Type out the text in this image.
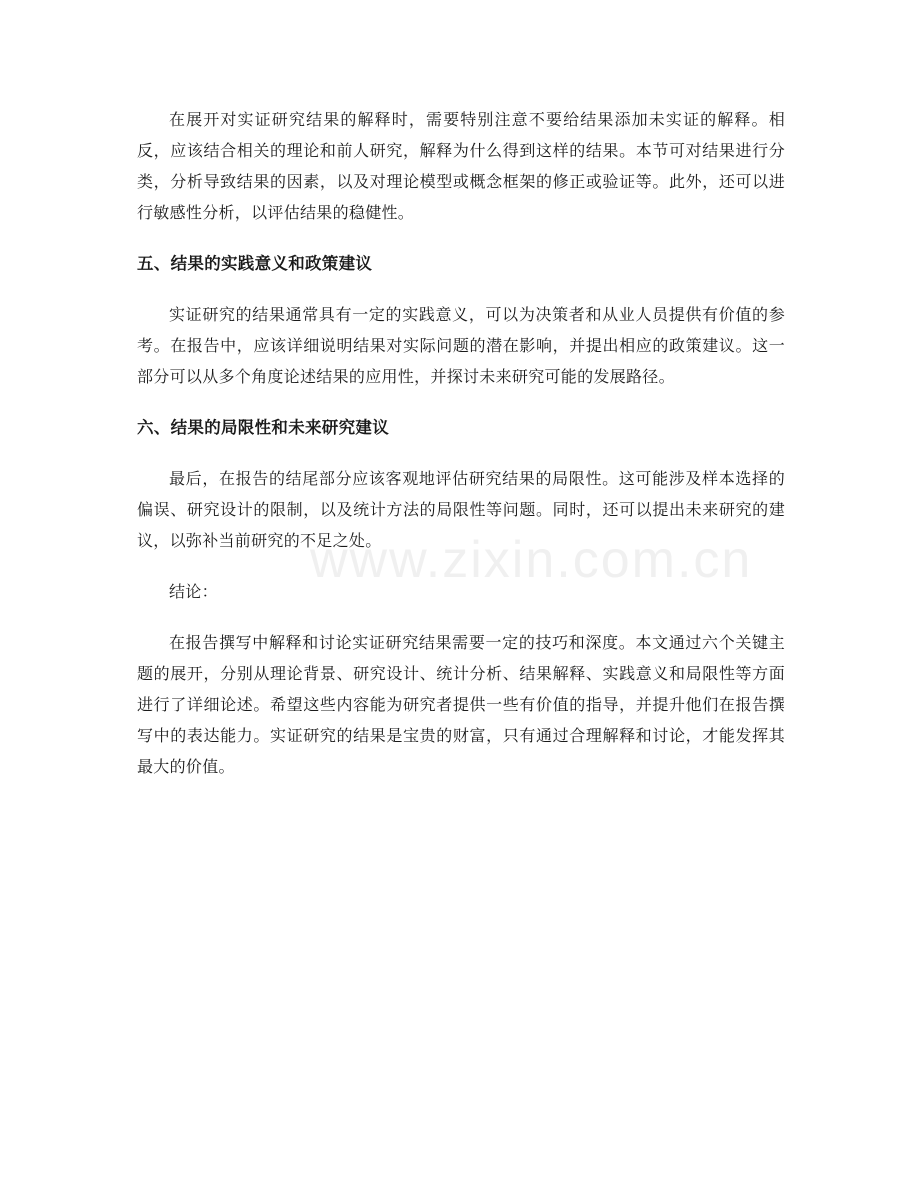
在展开对实证研究结果的解释时，需要特别注意不要给结果添加未实证的解释。相反，应该结合相关的理论和前人研究，解释为什么得到这样的结果。本节可对结果进行分类，分析导致结果的因素，以及对理论模型或概念框架的修正或验证等。此外，还可以进行敏感性分析，以评估结果的稳健性。

五、结果的实践意义和政策建议

实证研究的结果通常具有一定的实践意义，可以为决策者和从业人员提供有价值的参考。在报告中，应该详细说明结果对实际问题的潜在影响，并提出相应的政策建议。这一部分可以从多个角度论述结果的应用性，并探讨未来研究可能的发展路径。

六、结果的局限性和未来研究建议

最后，在报告的结尾部分应该客观地评估研究结果的局限性。这可能涉及样本选择的偏误、研究设计的限制，以及统计方法的局限性等问题。同时，还可以提出未来研究的建议，以弥补当前研究的不足之处。

结论：

在报告撰写中解释和讨论实证研究结果需要一定的技巧和深度。本文通过六个关键主题的展开，分别从理论背景、研究设计、统计分析、结果解释、实践意义和局限性等方面进行了详细论述。希望这些内容能为研究者提供一些有价值的指导，并提升他们在报告撰写中的表达能力。实证研究的结果是宝贵的财富，只有通过合理解释和讨论，才能发挥其最大的价值。

www.zixin.com.cn
